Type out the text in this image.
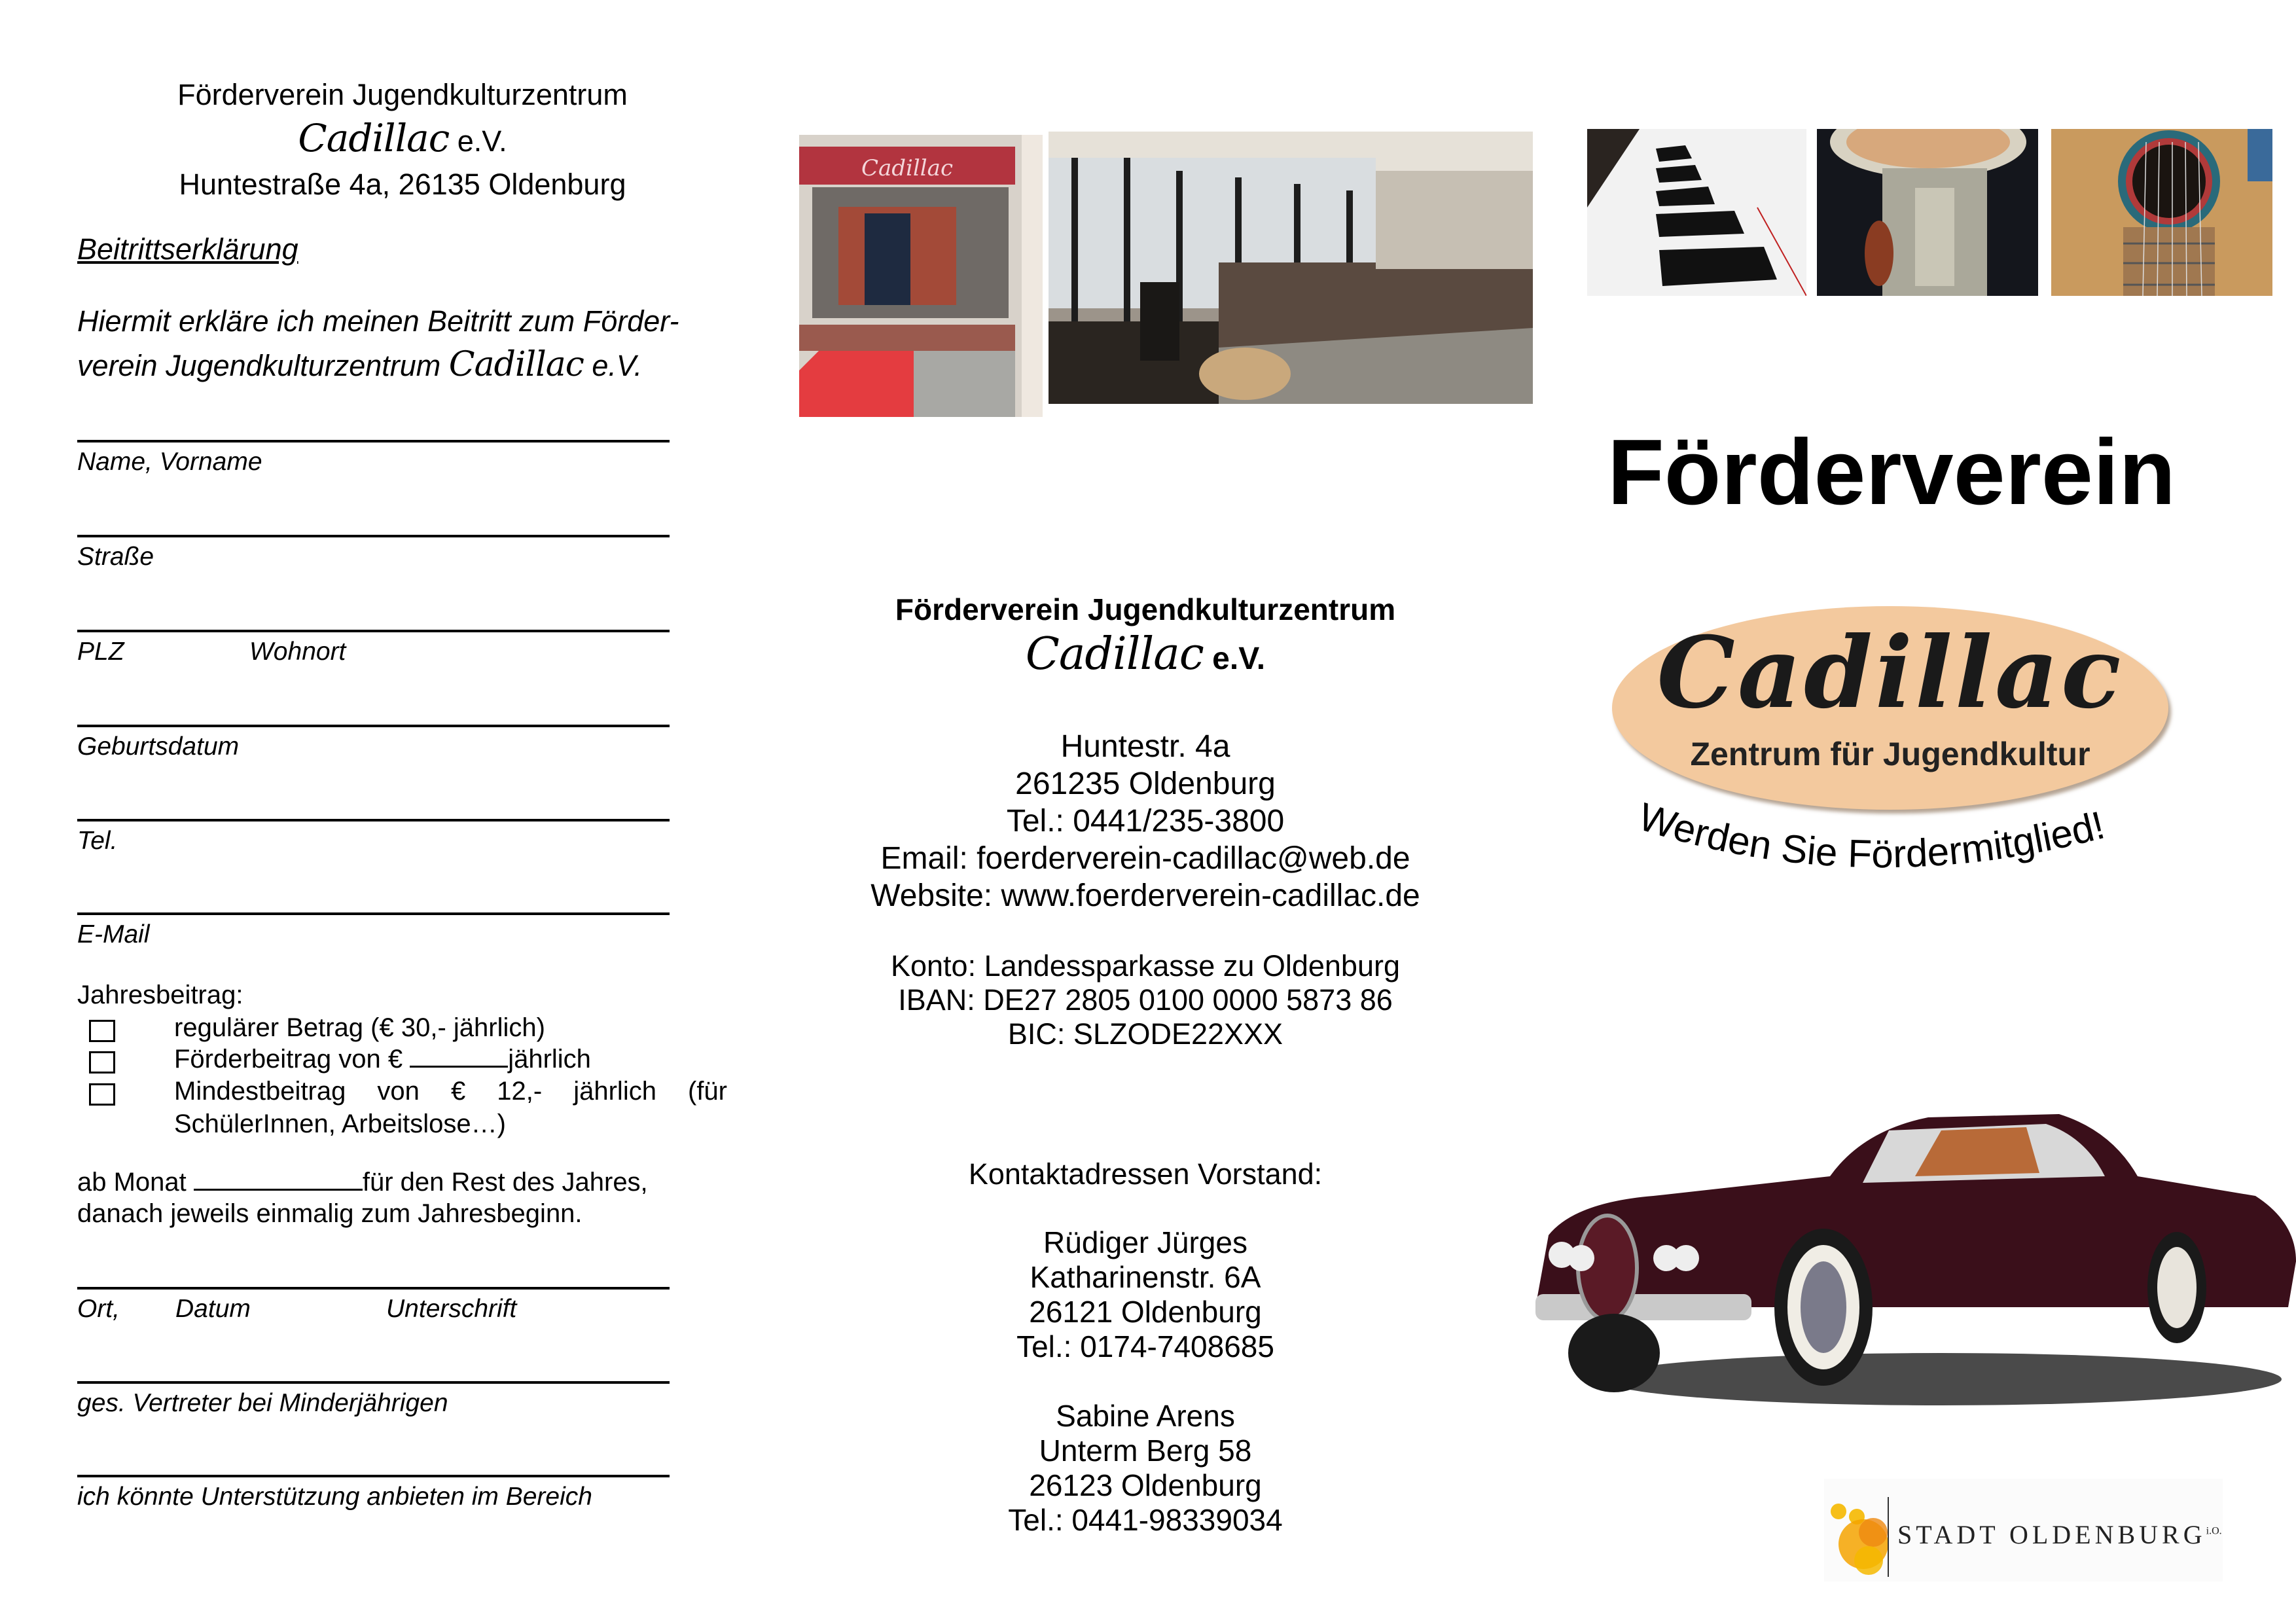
Förderverein Jugendkulturzentrum
Cadillac e.V.
Huntestraße 4a, 26135 Oldenburg
Beitrittserklärung
Hiermit erkläre ich meinen Beitritt zum Förder-
verein Jugendkulturzentrum Cadillac e.V.
Name, Vorname
Straße
PLZ	Wohnort
Geburtsdatum
Tel.
E-Mail
Jahresbeitrag:
regulärer Betrag (€ 30,- jährlich)
Förderbeitrag von €	jährlich
Mindestbeitrag von € 12,- jährlich (für
SchülerInnen, Arbeitslose…)
ab Monat	für den Rest des Jahres,
danach jeweils einmalig zum Jahresbeginn.
Ort, Datum	Unterschrift
ges. Vertreter bei Minderjährigen
ich könnte Unterstützung anbieten im Bereich
Cadillac
Förderverein Jugendkulturzentrum
Cadillac e.V.
Huntestr. 4a
261235 Oldenburg
Tel.: 0441/235-3800
Email: foerderverein-cadillac@web.de
Website: www.foerderverein-cadillac.de
Konto: Landessparkasse zu Oldenburg
IBAN: DE27 2805 0100 0000 5873 86
BIC: SLZODE22XXX
Kontaktadressen Vorstand:
Rüdiger Jürges
Katharinenstr. 6A
26121 Oldenburg
Tel.: 0174-7408685
Sabine Arens
Unterm Berg 58
26123 Oldenburg
Tel.: 0441-98339034
Förderverein
Cadillac
Zentrum für Jugendkultur
Werden Sie Fördermitglied!
STADT $OLDENBURG^{i.O.}$
